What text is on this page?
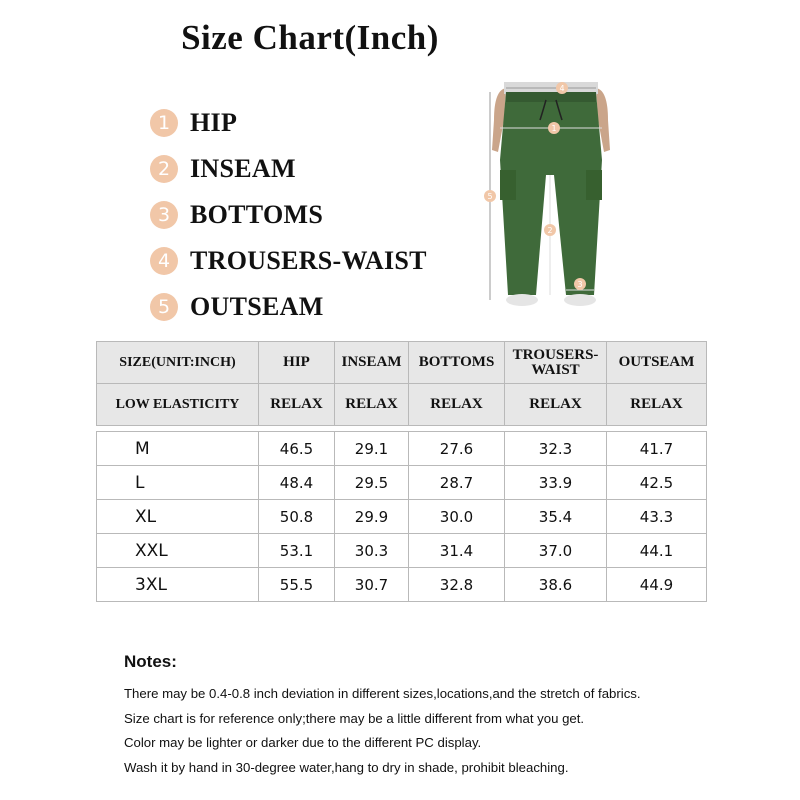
Size Chart(Inch)
1 HIP
2 INSEAM
3 BOTTOMS
4 TROUSERS-WAIST
5 OUTSEAM
1
2
3
4
5
SIZE(UNIT:INCH)	HIP	INSEAM	BOTTOMS	TROUSERS-WAIST	OUTSEAM
LOW ELASTICITY	RELAX	RELAX	RELAX	RELAX	RELAX

M	46.5	29.1	27.6	32.3	41.7
L	48.4	29.5	28.7	33.9	42.5
XL	50.8	29.9	30.0	35.4	43.3
XXL	53.1	30.3	31.4	37.0	44.1
3XL	55.5	30.7	32.8	38.6	44.9
Notes:
There may be 0.4-0.8 inch deviation in different sizes,locations,and the stretch of fabrics.
Size chart is for reference only;there may be a little different from what you get.
Color may be lighter or darker due to the different PC display.
Wash it by hand in 30-degree water,hang to dry in shade, prohibit bleaching.
